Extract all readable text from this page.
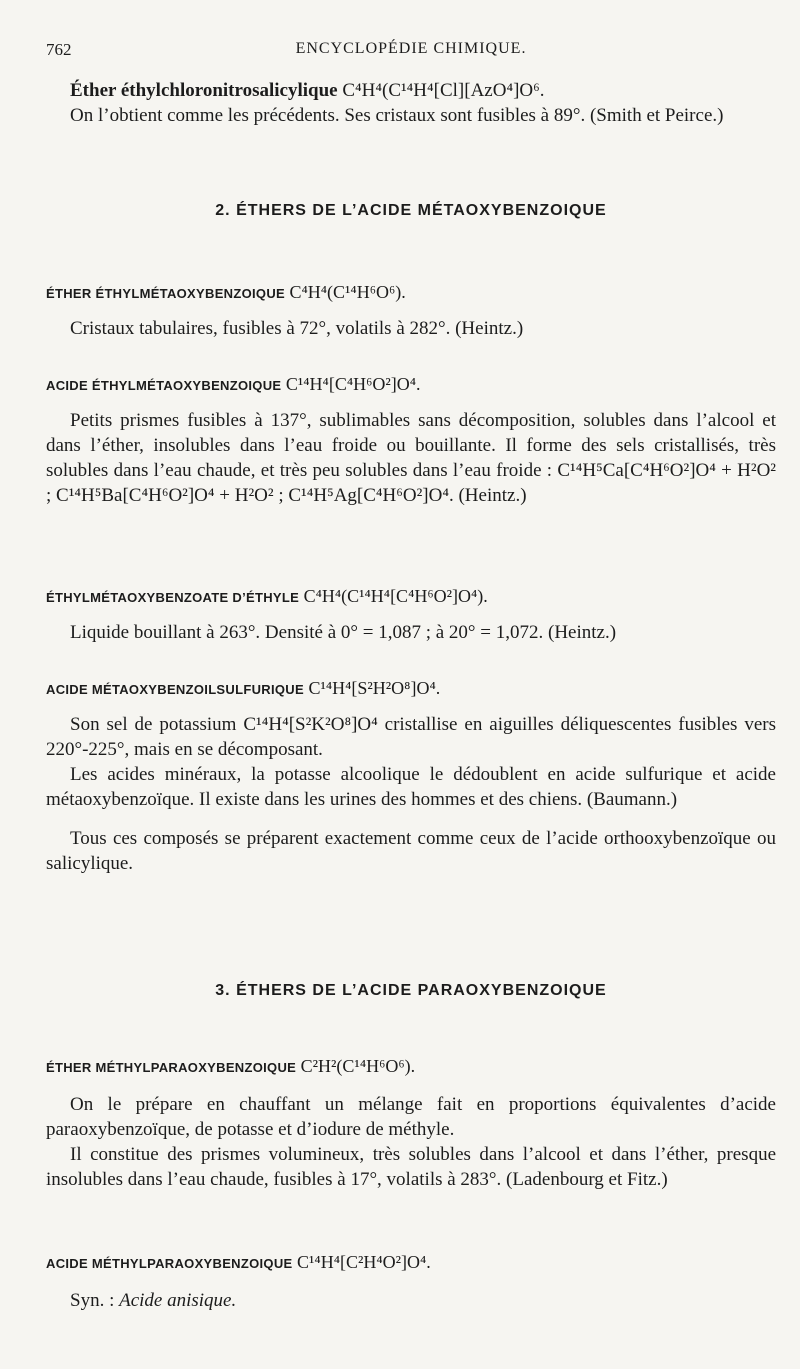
762	ENCYCLOPÉDIE CHIMIQUE.

Éther éthylchloronitrosalicylique C⁴H⁴(C¹⁴H⁴[Cl][AzO⁴]O⁶.

On l’obtient comme les précédents. Ses cristaux sont fusibles à 89°. (Smith et Peirce.)

2. ÉTHERS DE L’ACIDE MÉTAOXYBENZOIQUE

ÉTHER ÉTHYLMÉTAOXYBENZOIQUE C⁴H⁴(C¹⁴H⁶O⁶).

Cristaux tabulaires, fusibles à 72°, volatils à 282°. (Heintz.)

ACIDE ÉTHYLMÉTAOXYBENZOIQUE C¹⁴H⁴[C⁴H⁶O²]O⁴.

Petits prismes fusibles à 137°, sublimables sans décomposition, solubles dans l’alcool et dans l’éther, insolubles dans l’eau froide ou bouillante. Il forme des sels cristallisés, très solubles dans l’eau chaude, et très peu solubles dans l’eau froide : C¹⁴H⁵Ca[C⁴H⁶O²]O⁴ + H²O² ; C¹⁴H⁵Ba[C⁴H⁶O²]O⁴ + H²O² ; C¹⁴H⁵Ag[C⁴H⁶O²]O⁴. (Heintz.)

ÉTHYLMÉTAOXYBENZOATE D’ÉTHYLE C⁴H⁴(C¹⁴H⁴[C⁴H⁶O²]O⁴).

Liquide bouillant à 263°. Densité à 0° = 1,087 ; à 20° = 1,072. (Heintz.)

ACIDE MÉTAOXYBENZOILSULFURIQUE C¹⁴H⁴[S²H²O⁸]O⁴.

Son sel de potassium C¹⁴H⁴[S²K²O⁸]O⁴ cristallise en aiguilles déliquescentes fusibles vers 220°-225°, mais en se décomposant.

Les acides minéraux, la potasse alcoolique le dédoublent en acide sulfurique et acide métaoxybenzoïque. Il existe dans les urines des hommes et des chiens. (Baumann.)

Tous ces composés se préparent exactement comme ceux de l’acide orthooxybenzoïque ou salicylique.

3. ÉTHERS DE L’ACIDE PARAOXYBENZOIQUE

ÉTHER MÉTHYLPARAOXYBENZOIQUE C²H²(C¹⁴H⁶O⁶).

On le prépare en chauffant un mélange fait en proportions équivalentes d’acide paraoxybenzoïque, de potasse et d’iodure de méthyle.

Il constitue des prismes volumineux, très solubles dans l’alcool et dans l’éther, presque insolubles dans l’eau chaude, fusibles à 17°, volatils à 283°. (Ladenbourg et Fitz.)

ACIDE MÉTHYLPARAOXYBENZOIQUE C¹⁴H⁴[C²H⁴O²]O⁴.

Syn. : Acide anisique.
